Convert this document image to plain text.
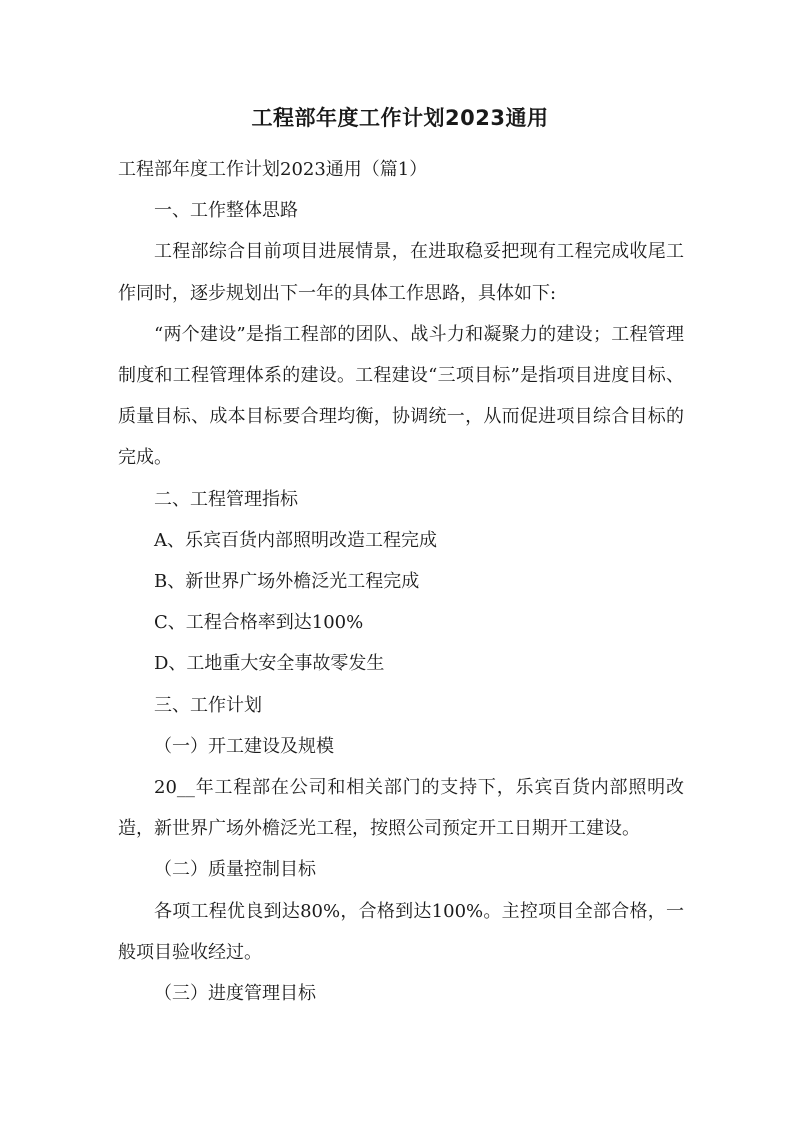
工程部年度工作计划2023通用

工程部年度工作计划2023通用（篇1）

一、工作整体思路

工程部综合目前项目进展情景，在进取稳妥把现有工程完成收尾工作同时，逐步规划出下一年的具体工作思路，具体如下:

“两个建设”是指工程部的团队、战斗力和凝聚力的建设；工程管理制度和工程管理体系的建设。工程建设“三项目标”是指项目进度目标、质量目标、成本目标要合理均衡，协调统一，从而促进项目综合目标的完成。

二、工程管理指标

A、乐宾百货内部照明改造工程完成

B、新世界广场外檐泛光工程完成

C、工程合格率到达100%

D、工地重大安全事故零发生

三、工作计划

（一）开工建设及规模

20__年工程部在公司和相关部门的支持下，乐宾百货内部照明改造，新世界广场外檐泛光工程，按照公司预定开工日期开工建设。

（二）质量控制目标

各项工程优良到达80%，合格到达100%。主控项目全部合格，一般项目验收经过。

（三）进度管理目标
